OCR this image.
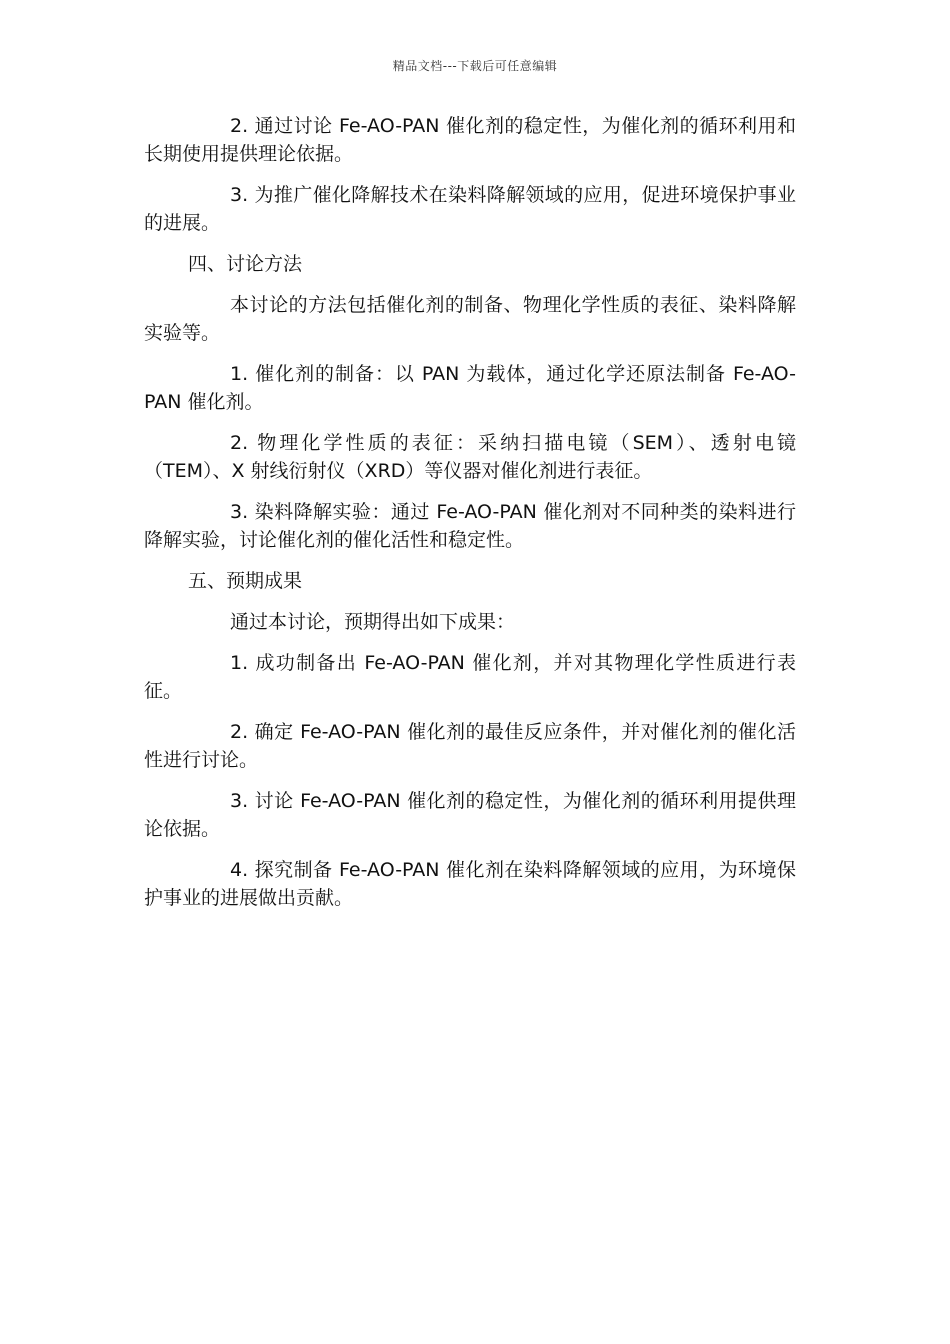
精品文档---下载后可任意编辑

2. 通过讨论 Fe-AO-PAN 催化剂的稳定性，为催化剂的循环利用和长期使用提供理论依据。

3. 为推广催化降解技术在染料降解领域的应用，促进环境保护事业的进展。

四、讨论方法

本讨论的方法包括催化剂的制备、物理化学性质的表征、染料降解实验等。

1. 催化剂的制备：以 PAN 为载体，通过化学还原法制备 Fe-AO-PAN 催化剂。

2. 物理化学性质的表征：采纳扫描电镜（SEM）、透射电镜（TEM）、X 射线衍射仪（XRD）等仪器对催化剂进行表征。

3. 染料降解实验：通过 Fe-AO-PAN 催化剂对不同种类的染料进行降解实验，讨论催化剂的催化活性和稳定性。

五、预期成果

通过本讨论，预期得出如下成果：

1. 成功制备出 Fe-AO-PAN 催化剂，并对其物理化学性质进行表征。

2. 确定 Fe-AO-PAN 催化剂的最佳反应条件，并对催化剂的催化活性进行讨论。

3. 讨论 Fe-AO-PAN 催化剂的稳定性，为催化剂的循环利用提供理论依据。

4. 探究制备 Fe-AO-PAN 催化剂在染料降解领域的应用，为环境保护事业的进展做出贡献。
